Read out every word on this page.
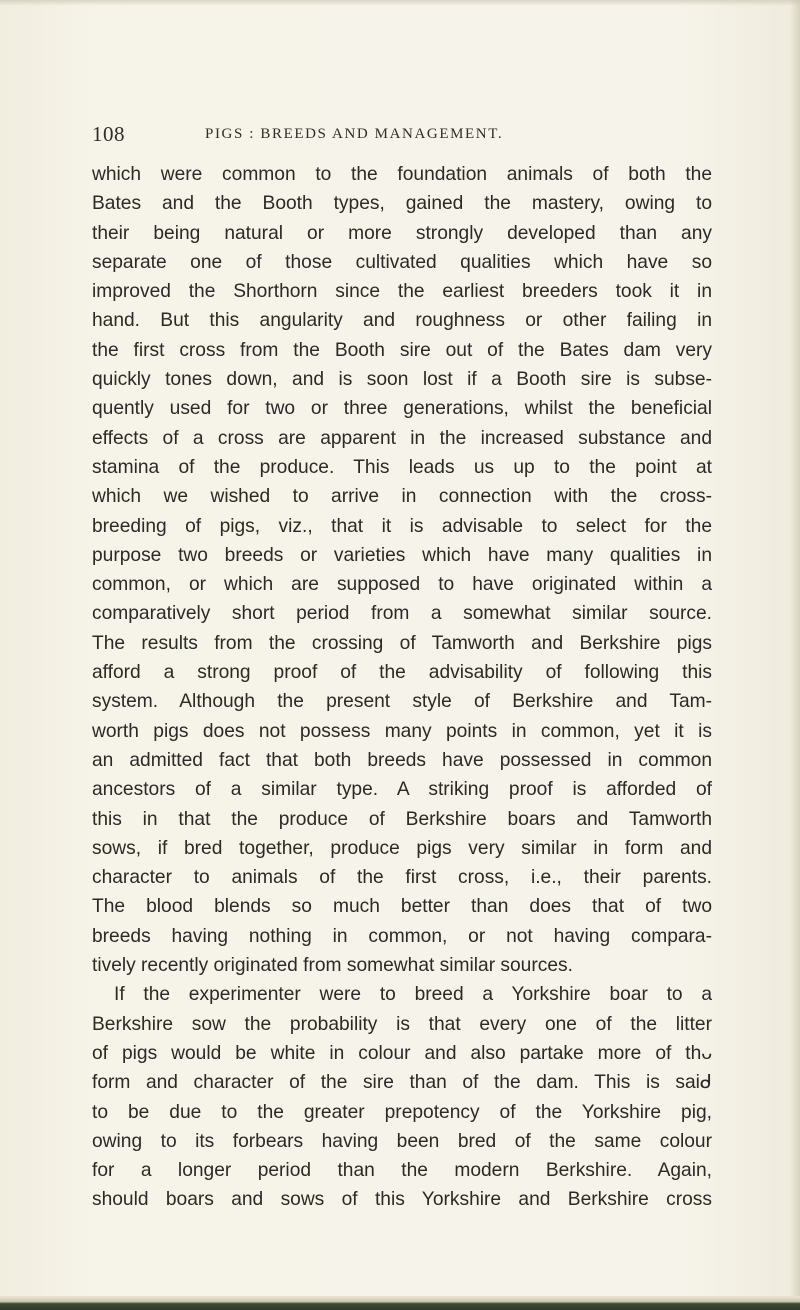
108	PIGS : BREEDS AND MANAGEMENT.
which were common to the foundation animals of both the
Bates and the Booth types, gained the mastery, owing to
their being natural or more strongly developed than any
separate one of those cultivated qualities which have so
improved the Shorthorn since the earliest breeders took it in
hand. But this angularity and roughness or other failing in
the first cross from the Booth sire out of the Bates dam very
quickly tones down, and is soon lost if a Booth sire is subse-
quently used for two or three generations, whilst the beneficial
effects of a cross are apparent in the increased substance and
stamina of the produce. This leads us up to the point at
which we wished to arrive in connection with the cross-
breeding of pigs, viz., that it is advisable to select for the
purpose two breeds or varieties which have many qualities in
common, or which are supposed to have originated within a
comparatively short period from a somewhat similar source.
The results from the crossing of Tamworth and Berkshire pigs
afford a strong proof of the advisability of following this
system. Although the present style of Berkshire and Tam-
worth pigs does not possess many points in common, yet it is
an admitted fact that both breeds have possessed in common
ancestors of a similar type. A striking proof is afforded of
this in that the produce of Berkshire boars and Tamworth
sows, if bred together, produce pigs very similar in form and
character to animals of the first cross, i.e., their parents.
The blood blends so much better than does that of two
breeds having nothing in common, or not having compara-
tively recently originated from somewhat similar sources.
If the experimenter were to breed a Yorkshire boar to a
Berkshire sow the probability is that every one of the litter
of pigs would be white in colour and also partake more of thᴗ
form and character of the sire than of the dam. This is saiᑯ
to be due to the greater prepotency of the Yorkshire pig,
owing to its forbears having been bred of the same colour
for a longer period than the modern Berkshire. Again,
should boars and sows of this Yorkshire and Berkshire cross
